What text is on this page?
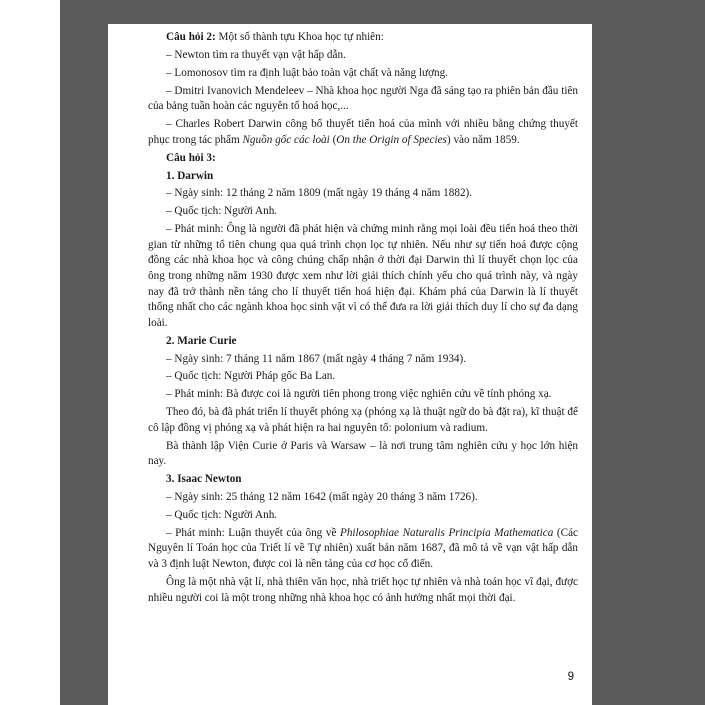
Câu hỏi 2: Một số thành tựu Khoa học tự nhiên:

– Newton tìm ra thuyết vạn vật hấp dẫn.

– Lomonosov tìm ra định luật bảo toàn vật chất và năng lượng.

– Dmitri Ivanovich Mendeleev – Nhà khoa học người Nga đã sáng tạo ra phiên bản đầu tiên của bảng tuần hoàn các nguyên tố hoá học,...

– Charles Robert Darwin công bố thuyết tiến hoá của mình với nhiều bằng chứng thuyết phục trong tác phẩm Nguồn gốc các loài (On the Origin of Species) vào năm 1859.

Câu hỏi 3:

1. Darwin

– Ngày sinh: 12 tháng 2 năm 1809 (mất ngày 19 tháng 4 năm 1882).

– Quốc tịch: Người Anh.

– Phát minh: Ông là người đã phát hiện và chứng minh rằng mọi loài đều tiến hoá theo thời gian từ những tổ tiên chung qua quá trình chọn lọc tự nhiên. Nếu như sự tiến hoá được cộng đồng các nhà khoa học và công chúng chấp nhận ở thời đại Darwin thì lí thuyết chọn lọc của ông trong những năm 1930 được xem như lời giải thích chính yếu cho quá trình này, và ngày nay đã trở thành nền tảng cho lí thuyết tiến hoá hiện đại. Khám phá của Darwin là lí thuyết thống nhất cho các ngành khoa học sinh vật vì có thể đưa ra lời giải thích duy lí cho sự đa dạng loài.

2. Marie Curie

– Ngày sinh: 7 tháng 11 năm 1867 (mất ngày 4 tháng 7 năm 1934).

– Quốc tịch: Người Pháp gốc Ba Lan.

– Phát minh: Bà được coi là người tiên phong trong việc nghiên cứu về tính phóng xạ.

Theo đó, bà đã phát triển lí thuyết phóng xạ (phóng xạ là thuật ngữ do bà đặt ra), kĩ thuật để cô lập đồng vị phóng xạ và phát hiện ra hai nguyên tố: polonium và radium.

Bà thành lập Viện Curie ở Paris và Warsaw – là nơi trung tâm nghiên cứu y học lớn hiện nay.

3. Isaac Newton

– Ngày sinh: 25 tháng 12 năm 1642 (mất ngày 20 tháng 3 năm 1726).

– Quốc tịch: Người Anh.

– Phát minh: Luận thuyết của ông về Philosophiae Naturalis Principia Mathematica (Các Nguyên lí Toán học của Triết lí về Tự nhiên) xuất bản năm 1687, đã mô tả về vạn vật hấp dẫn và 3 định luật Newton, được coi là nền tảng của cơ học cổ điển.

Ông là một nhà vật lí, nhà thiên văn học, nhà triết học tự nhiên và nhà toán học vĩ đại, được nhiều người coi là một trong những nhà khoa học có ảnh hưởng nhất mọi thời đại.

9
